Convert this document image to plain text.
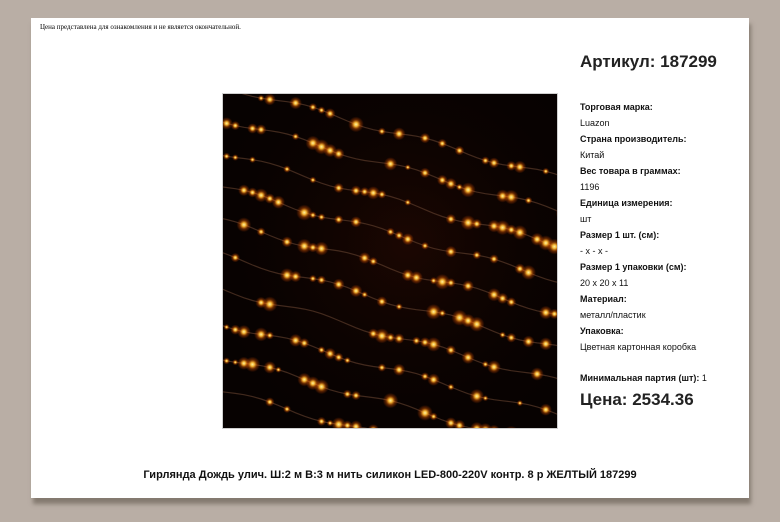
Цена представлена для ознакомления и не является окончательной.
Артикул: 187299
Торговая марка:
Luazon
Страна производитель:
Китай
Вес товара в граммах:
1196
Единица измерения:
шт
Размер 1 шт. (см):
- x - x -
Размер 1 упаковки (см):
20 x 20 x 11
Материал:
металл/пластик
Упаковка:
Цветная картонная коробка
Минимальная партия (шт): 1
Цена: 2534.36
Гирлянда Дождь улич. Ш:2 м В:3 м нить силикон LED-800-220V контр. 8 р ЖЕЛТЫЙ 187299
